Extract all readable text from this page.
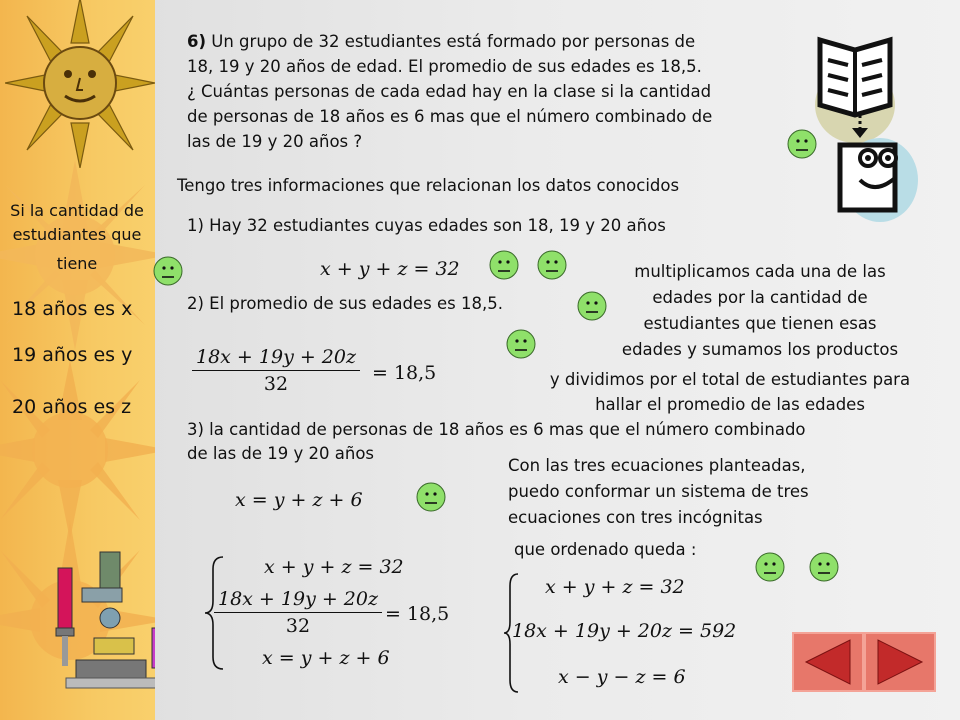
Si la cantidad de
estudiantes que
tiene
18 años es x
19 años es y
20 años es z
6) Un grupo de 32 estudiantes está formado por personas de
18, 19 y 20 años de edad. El promedio de sus edades es 18,5.
¿ Cuántas personas de cada edad hay en la clase si la cantidad
de personas de 18 años es 6 mas que el número combinado de
las de 19 y 20 años ?
Tengo tres informaciones que relacionan los datos conocidos
1) Hay 32 estudiantes cuyas edades son 18, 19 y 20 años
x + y + z = 32
2) El promedio de sus edades es 18,5.
$\frac{18x + 19y + 20z}{32} = 18,5$
3) la cantidad de personas de 18 años es 6 mas que el número combinado
de las de 19 y 20 años
x = y + z + 6
multiplicamos cada una de las
edades por la cantidad de
estudiantes que tienen esas
edades y sumamos los productos
y dividimos por el total de estudiantes para
hallar el promedio de las edades
Con las tres ecuaciones planteadas,
puedo conformar un sistema de tres
ecuaciones con tres incógnitas
que ordenado queda :
x + y + z = 32
$\frac{18x + 19y + 20z}{32} = 18,5$
x = y + z + 6
x + y + z = 32
18x + 19y + 20z = 592
x − y − z = 6
